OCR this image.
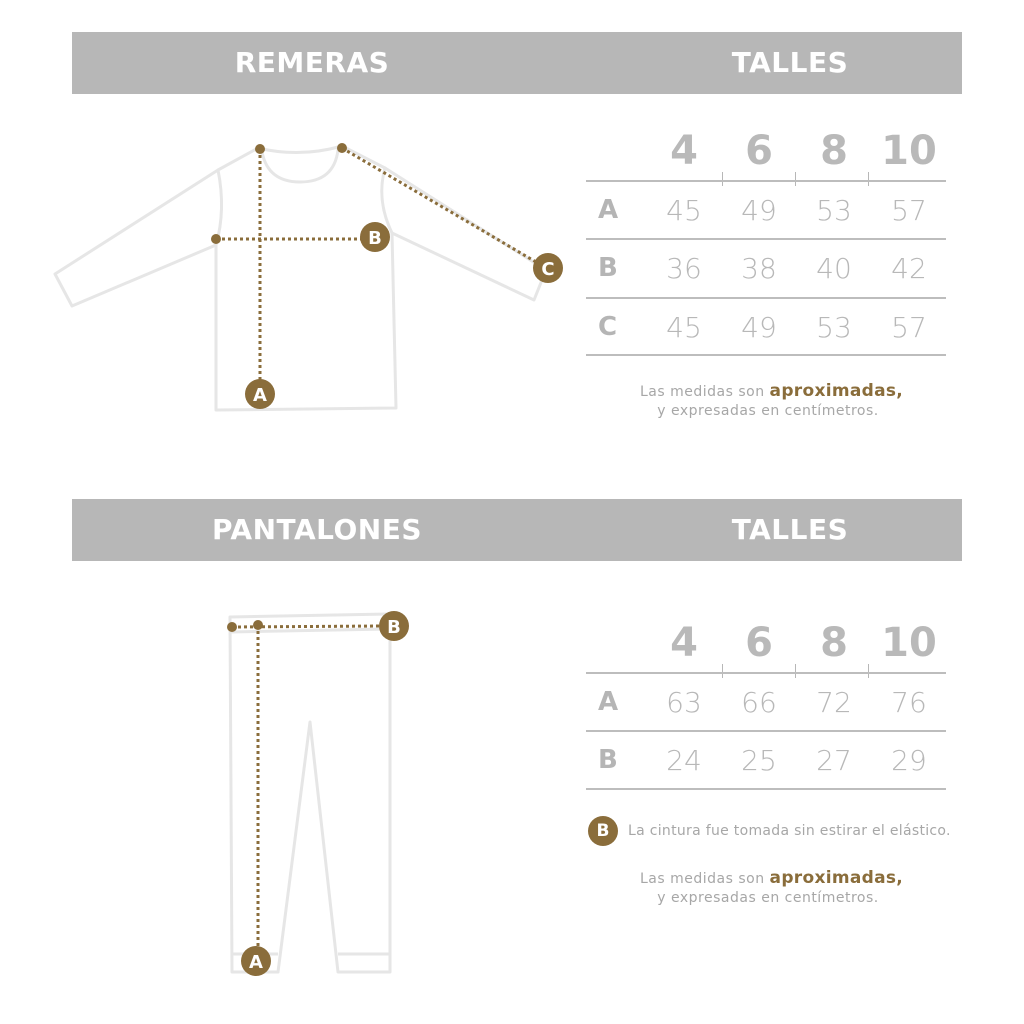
REMERAS	TALLES
A
B
C
A
B
4	6	8 10
A	45	49	53	57
B	36	38	40	42
C	45	49	53	57
Las medidas son aproximadas,
y expresadas en centímetros.
PANTALONES	TALLES
4	6	8 10
A	63	66	72	76
B	24	25	27	29
B	La cintura fue tomada sin estirar el elástico.
Las medidas son aproximadas,
y expresadas en centímetros.
